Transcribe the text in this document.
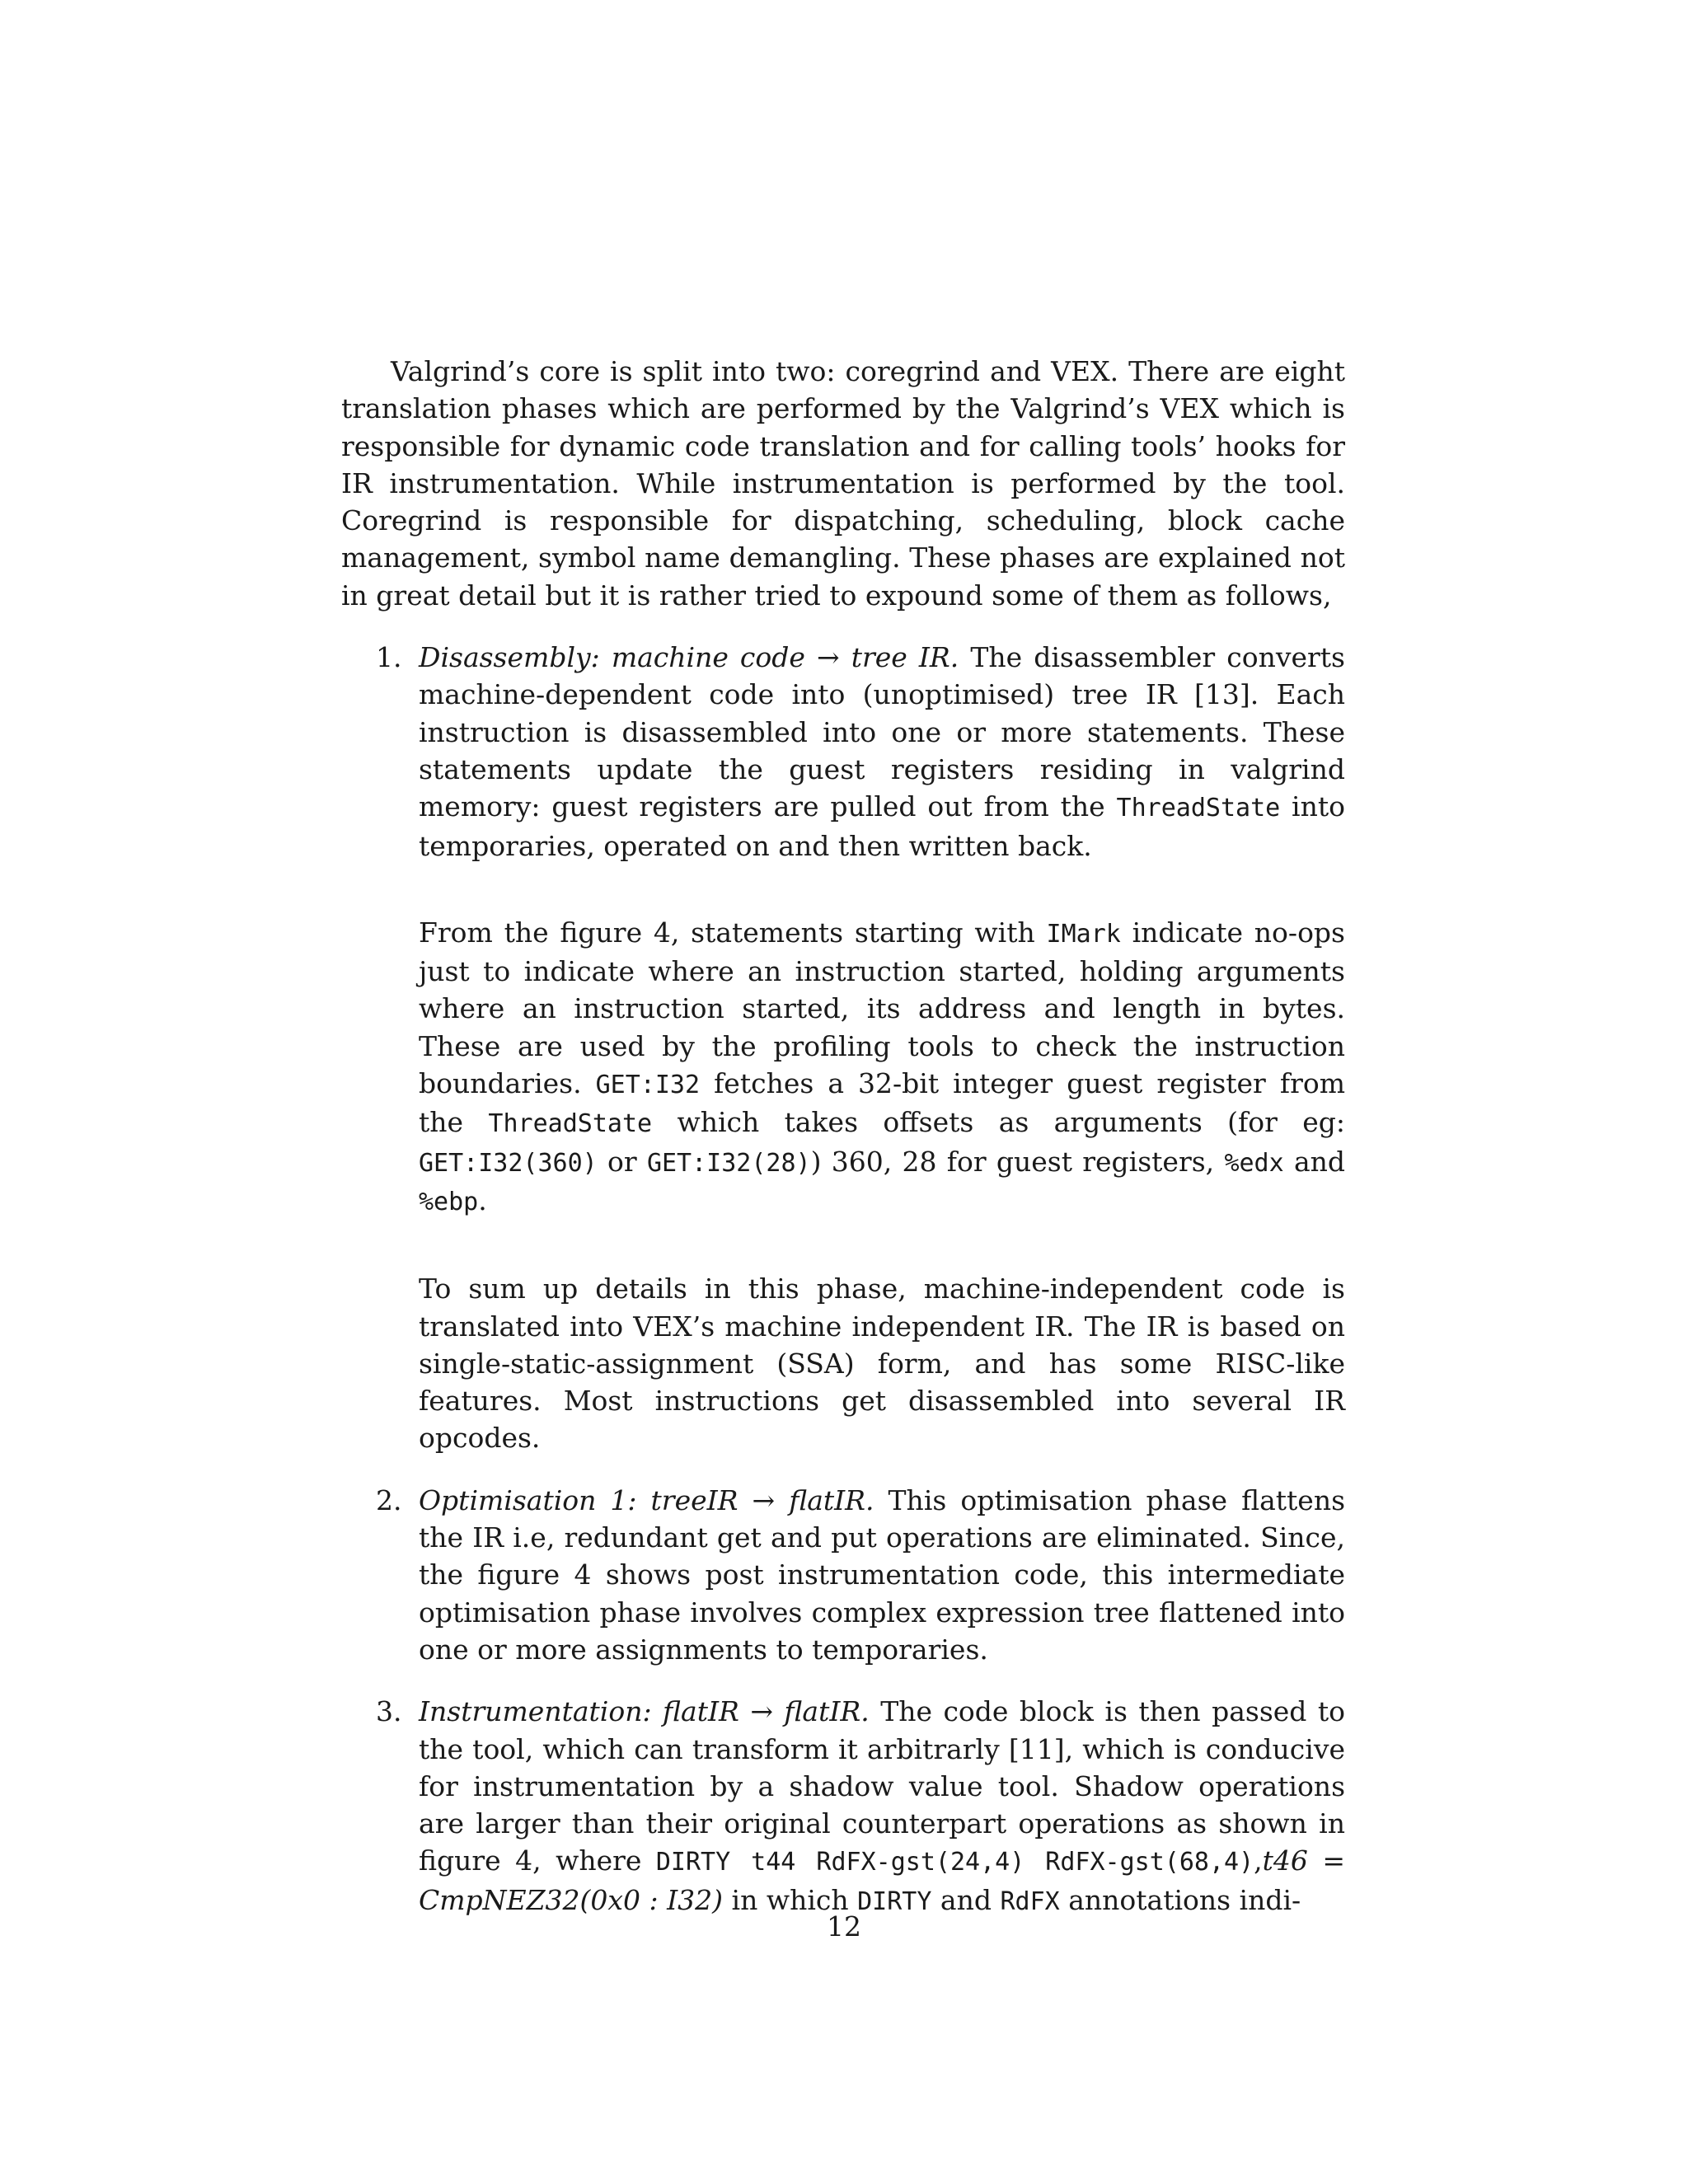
Valgrind’s core is split into two: coregrind and VEX. There are eight translation phases which are performed by the Valgrind’s VEX which is responsible for dynamic code translation and for calling tools’ hooks for IR instrumentation. While instrumentation is performed by the tool. Coregrind is responsible for dispatching, scheduling, block cache management, symbol name demangling. These phases are explained not in great detail but it is rather tried to expound some of them as follows,

1. Disassembly: machine code → tree IR. The disassembler converts machine-dependent code into (unoptimised) tree IR [13]. Each instruction is disassembled into one or more statements. These statements update the guest registers residing in valgrind memory: guest registers are pulled out from the ThreadState into temporaries, operated on and then written back.

From the figure 4, statements starting with IMark indicate no-ops just to indicate where an instruction started, holding arguments where an instruction started, its address and length in bytes. These are used by the profiling tools to check the instruction boundaries. GET:I32 fetches a 32-bit integer guest register from the ThreadState which takes offsets as arguments (for eg: GET:I32(360) or GET:I32(28)) 360, 28 for guest registers, %edx and %ebp.

To sum up details in this phase, machine-independent code is translated into VEX’s machine independent IR. The IR is based on single-static-assignment (SSA) form, and has some RISC-like features. Most instructions get disassembled into several IR opcodes.

2. Optimisation 1: treeIR → flatIR. This optimisation phase flattens the IR i.e, redundant get and put operations are eliminated. Since, the figure 4 shows post instrumentation code, this intermediate optimisation phase involves complex expression tree flattened into one or more assignments to temporaries.

3. Instrumentation: flatIR → flatIR. The code block is then passed to the tool, which can transform it arbitrarly [11], which is conducive for instrumentation by a shadow value tool. Shadow operations are larger than their original counterpart operations as shown in figure 4, where DIRTY t44 RdFX-gst(24,4) RdFX-gst(68,4),t46 = CmpNEZ32(0x0 : I32) in which DIRTY and RdFX annotations indi-

12
